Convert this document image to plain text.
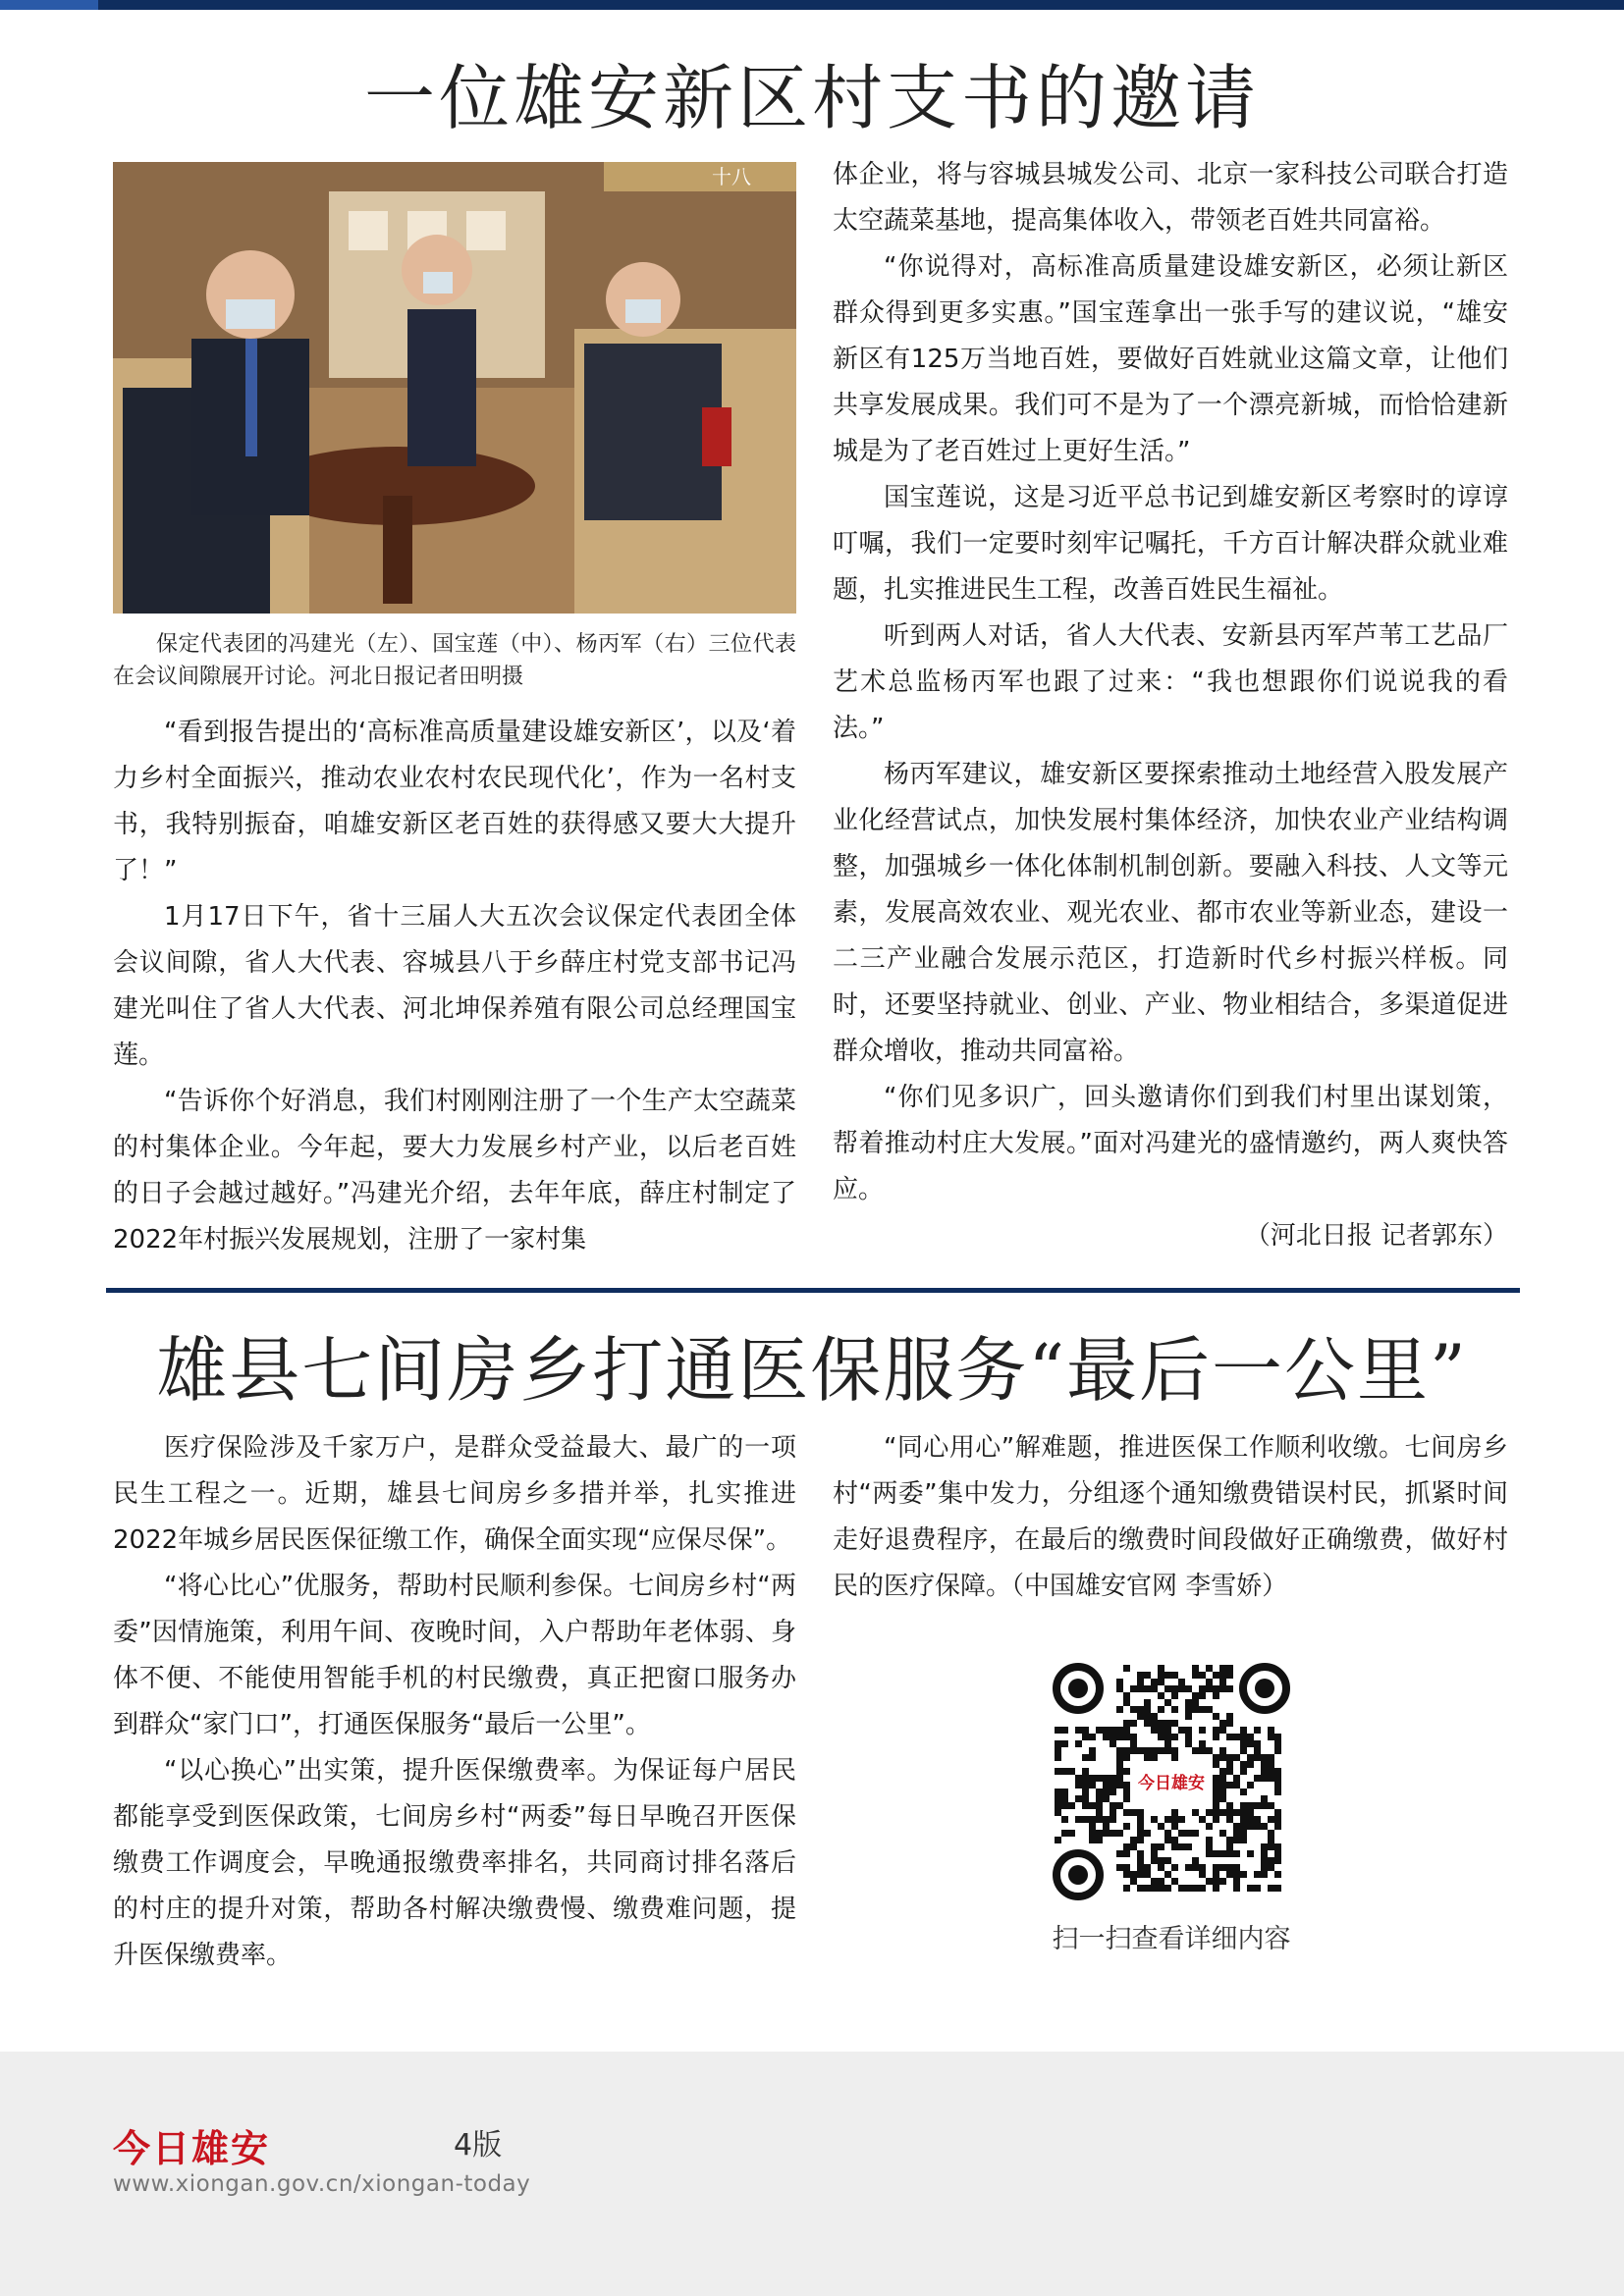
一位雄安新区村支书的邀请
十八

保定代表团的冯建光（左）、国宝莲（中）、杨丙军（右）三位代表在会议间隙展开讨论。河北日报记者田明摄

“看到报告提出的‘高标准高质量建设雄安新区’，以及‘着力乡村全面振兴，推动农业农村农民现代化’，作为一名村支书，我特别振奋，咱雄安新区老百姓的获得感又要大大提升了！”

1月17日下午，省十三届人大五次会议保定代表团全体会议间隙，省人大代表、容城县八于乡薛庄村党支部书记冯建光叫住了省人大代表、河北坤保养殖有限公司总经理国宝莲。

“告诉你个好消息，我们村刚刚注册了一个生产太空蔬菜的村集体企业。今年起，要大力发展乡村产业，以后老百姓的日子会越过越好。”冯建光介绍，去年年底，薛庄村制定了2022年村振兴发展规划，注册了一家村集

体企业，将与容城县城发公司、北京一家科技公司联合打造太空蔬菜基地，提高集体收入，带领老百姓共同富裕。

“你说得对，高标准高质量建设雄安新区，必须让新区群众得到更多实惠。”国宝莲拿出一张手写的建议说，“雄安新区有125万当地百姓，要做好百姓就业这篇文章，让他们共享发展成果。我们可不是为了一个漂亮新城，而恰恰建新城是为了老百姓过上更好生活。”

国宝莲说，这是习近平总书记到雄安新区考察时的谆谆叮嘱，我们一定要时刻牢记嘱托，千方百计解决群众就业难题，扎实推进民生工程，改善百姓民生福祉。

听到两人对话，省人大代表、安新县丙军芦苇工艺品厂艺术总监杨丙军也跟了过来：“我也想跟你们说说我的看法。”

杨丙军建议，雄安新区要探索推动土地经营入股发展产业化经营试点，加快发展村集体经济，加快农业产业结构调整，加强城乡一体化体制机制创新。要融入科技、人文等元素，发展高效农业、观光农业、都市农业等新业态，建设一二三产业融合发展示范区，打造新时代乡村振兴样板。同时，还要坚持就业、创业、产业、物业相结合，多渠道促进群众增收，推动共同富裕。

“你们见多识广，回头邀请你们到我们村里出谋划策，帮着推动村庄大发展。”面对冯建光的盛情邀约，两人爽快答应。

（河北日报 记者郭东）

雄县七间房乡打通医保服务“最后一公里”

医疗保险涉及千家万户，是群众受益最大、最广的一项民生工程之一。近期，雄县七间房乡多措并举，扎实推进2022年城乡居民医保征缴工作，确保全面实现“应保尽保”。

“将心比心”优服务，帮助村民顺利参保。七间房乡村“两委”因情施策，利用午间、夜晚时间，入户帮助年老体弱、身体不便、不能使用智能手机的村民缴费，真正把窗口服务办到群众“家门口”，打通医保服务“最后一公里”。

“以心换心”出实策，提升医保缴费率。为保证每户居民都能享受到医保政策，七间房乡村“两委”每日早晚召开医保缴费工作调度会，早晚通报缴费率排名，共同商讨排名落后的村庄的提升对策，帮助各村解决缴费慢、缴费难问题，提升医保缴费率。

“同心用心”解难题，推进医保工作顺利收缴。七间房乡村“两委”集中发力，分组逐个通知缴费错误村民，抓紧时间走好退费程序，在最后的缴费时间段做好正确缴费，做好村民的医疗保障。（中国雄安官网 李雪娇）

今日雄安
扫一扫查看详细内容
今日雄安	4版
www.xiongan.gov.cn/xiongan-today
